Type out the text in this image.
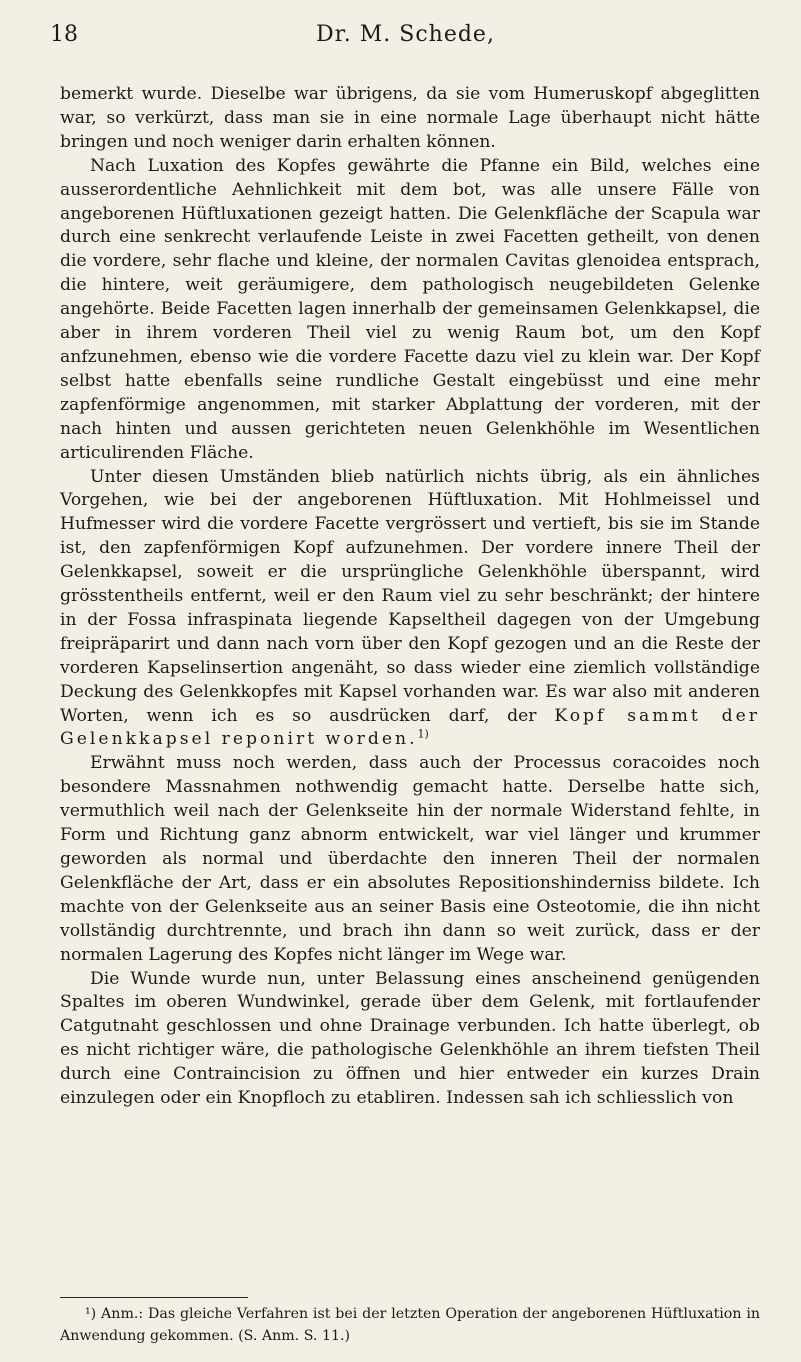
18	Dr. M. Schede,

bemerkt wurde. Dieselbe war übrigens, da sie vom Humeruskopf abgeglitten war, so verkürzt, dass man sie in eine normale Lage überhaupt nicht hätte bringen und noch weniger darin erhalten können.

Nach Luxation des Kopfes gewährte die Pfanne ein Bild, welches eine ausserordentliche Aehnlichkeit mit dem bot, was alle unsere Fälle von angeborenen Hüftluxationen gezeigt hatten. Die Gelenkfläche der Scapula war durch eine senkrecht verlaufende Leiste in zwei Facetten getheilt, von denen die vordere, sehr flache und kleine, der normalen Cavitas glenoidea entsprach, die hintere, weit geräumigere, dem pathologisch neugebildeten Gelenke angehörte. Beide Facetten lagen innerhalb der gemeinsamen Gelenkkapsel, die aber in ihrem vorderen Theil viel zu wenig Raum bot, um den Kopf anfzunehmen, ebenso wie die vordere Facette dazu viel zu klein war. Der Kopf selbst hatte ebenfalls seine rundliche Gestalt eingebüsst und eine mehr zapfenförmige angenommen, mit starker Abplattung der vorderen, mit der nach hinten und aussen gerichteten neuen Gelenkhöhle im Wesentlichen articulirenden Fläche.

Unter diesen Umständen blieb natürlich nichts übrig, als ein ähnliches Vorgehen, wie bei der angeborenen Hüftluxation. Mit Hohlmeissel und Hufmesser wird die vordere Facette vergrössert und vertieft, bis sie im Stande ist, den zapfenförmigen Kopf aufzunehmen. Der vordere innere Theil der Gelenkkapsel, soweit er die ursprüngliche Gelenkhöhle überspannt, wird grösstentheils entfernt, weil er den Raum viel zu sehr beschränkt; der hintere in der Fossa infraspinata liegende Kapseltheil dagegen von der Umgebung freipräparirt und dann nach vorn über den Kopf gezogen und an die Reste der vorderen Kapselinsertion angenäht, so dass wieder eine ziemlich vollständige Deckung des Gelenkkopfes mit Kapsel vorhanden war. Es war also mit anderen Worten, wenn ich es so ausdrücken darf, der Kopf sammt der Gelenkkapsel reponirt worden.$^{1)}$

Erwähnt muss noch werden, dass auch der Processus coracoides noch besondere Massnahmen nothwendig gemacht hatte. Derselbe hatte sich, vermuthlich weil nach der Gelenkseite hin der normale Widerstand fehlte, in Form und Richtung ganz abnorm entwickelt, war viel länger und krummer geworden als normal und überdachte den inneren Theil der normalen Gelenkfläche der Art, dass er ein absolutes Repositionshinderniss bildete. Ich machte von der Gelenkseite aus an seiner Basis eine Osteotomie, die ihn nicht vollständig durchtrennte, und brach ihn dann so weit zurück, dass er der normalen Lagerung des Kopfes nicht länger im Wege war.

Die Wunde wurde nun, unter Belassung eines anscheinend genügenden Spaltes im oberen Wundwinkel, gerade über dem Gelenk, mit fortlaufender Catgutnaht geschlossen und ohne Drainage verbunden. Ich hatte überlegt, ob es nicht richtiger wäre, die pathologische Gelenkhöhle an ihrem tiefsten Theil durch eine Contraincision zu öffnen und hier entweder ein kurzes Drain einzulegen oder ein Knopfloch zu etabliren. Indessen sah ich schliesslich von

¹) Anm.: Das gleiche Verfahren ist bei der letzten Operation der angeborenen Hüftluxation in Anwendung gekommen. (S. Anm. S. 11.)
